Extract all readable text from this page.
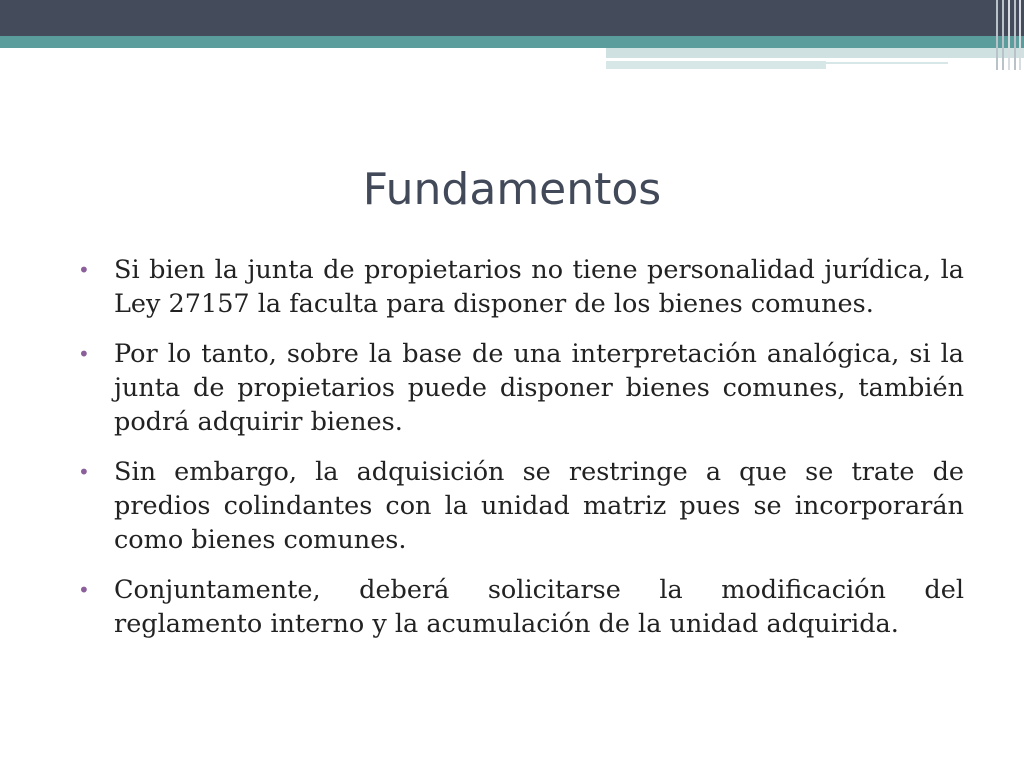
Fundamentos
• Si bien la junta de propietarios no tiene personalidad jurídica, la Ley 27157 la faculta para disponer de los bienes comunes.
• Por lo tanto, sobre la base de una interpretación analógica, si la junta de propietarios puede disponer bienes comunes, también podrá adquirir bienes.
• Sin embargo, la adquisición se restringe a que se trate de predios colindantes con la unidad matriz pues se incorporarán como bienes comunes.
• Conjuntamente, deberá solicitarse la modificación del reglamento interno y la acumulación de la unidad adquirida.
